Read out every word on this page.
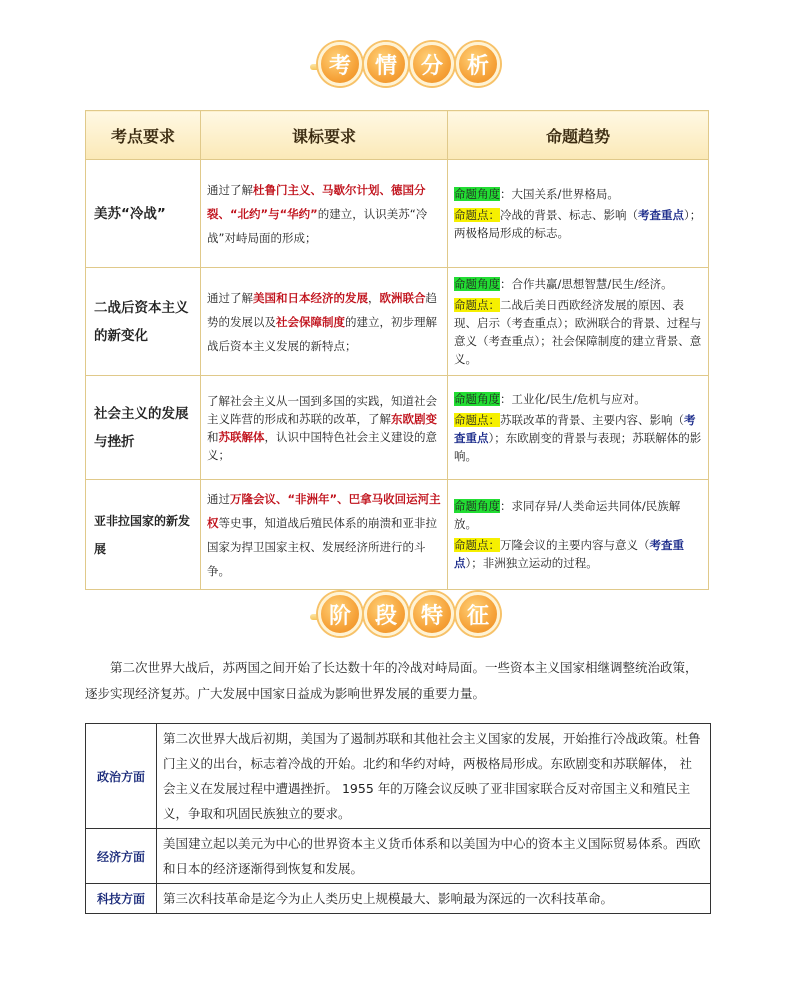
考	情	分	析
考点要求	课标要求	命题趋势
美苏“冷战”	通过了解杜鲁门主义、马歇尔计划、德国分裂、“北约”与“华约”的建立，认识美苏“冷战”对峙局面的形成；	命题角度：大国关系/世界格局。
命题点：冷战的背景、标志、影响（考查重点）；两极格局形成的标志。

二战后资本主义的新变化	通过了解美国和日本经济的发展，欧洲联合趋势的发展以及社会保障制度的建立，初步理解战后资本主义发展的新特点；	命题角度：合作共赢/思想智慧/民生/经济。
命题点：二战后美日西欧经济发展的原因、表现、启示（考查重点）；欧洲联合的背景、过程与意义（考查重点）；社会保障制度的建立背景、意义。

社会主义的发展与挫折	了解社会主义从一国到多国的实践，知道社会主义阵营的形成和苏联的改革，了解东欧剧变和苏联解体，认识中国特色社会主义建设的意义；	命题角度：工业化/民生/危机与应对。
命题点：苏联改革的背景、主要内容、影响（考查重点）；东欧剧变的背景与表现；苏联解体的影响。

亚非拉国家的新发展	通过万隆会议、“非洲年”、巴拿马收回运河主权等史事，知道战后殖民体系的崩溃和亚非拉国家为捍卫国家主权、发展经济所进行的斗争。	命题角度：求同存异/人类命运共同体/民族解放。
命题点：万隆会议的主要内容与意义（考查重点）；非洲独立运动的过程。
阶	段	特	征

第二次世界大战后，苏两国之间开始了长达数十年的冷战对峙局面。一些资本主义国家相继调整统治政策，逐步实现经济复苏。广大发展中国家日益成为影响世界发展的重要力量。

政治方面	第二次世界大战后初期，美国为了遏制苏联和其他社会主义国家的发展，开始推行冷战政策。杜鲁门主义的出台，标志着冷战的开始。北约和华约对峙，两极格局形成。东欧剧变和苏联解体， 社会主义在发展过程中遭遇挫折。 1955 年的万隆会议反映了亚非国家联合反对帝国主义和殖民主义，争取和巩固民族独立的要求。
经济方面	美国建立起以美元为中心的世界资本主义货币体系和以美国为中心的资本主义国际贸易体系。西欧和日本的经济逐渐得到恢复和发展。
科技方面	第三次科技革命是迄今为止人类历史上规模最大、影响最为深远的一次科技革命。
